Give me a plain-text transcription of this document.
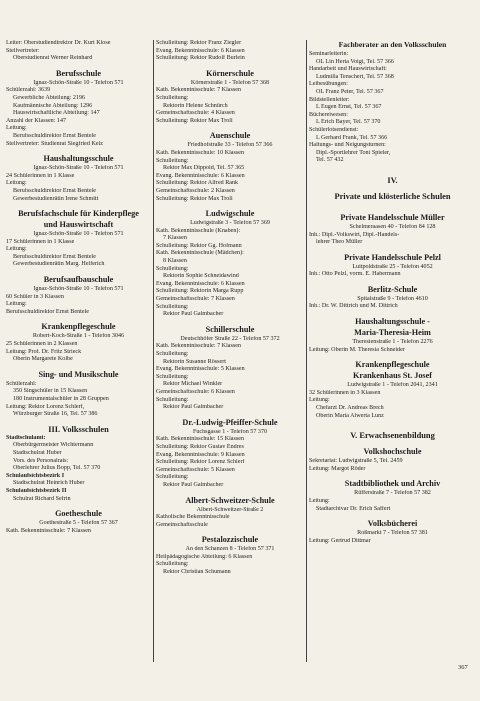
Leiter: Oberstudiendirektor Dr. Kurt Klose
Stellvertreter:
Oberstudienrat Werner Reinhard
Berufsschule
Ignaz-Schön-Straße 10 - Telefon 571
Schülerzahl: 3639
Gewerbliche Abteilung: 2196
Kaufmännische Abteilung: 1296
Hauswirtschaftliche Abteilung: 147
Anzahl der Klassen: 147
Leitung:
Berufsschuldirektor Ernst Bentele
Stellvertreter: Studienrat Siegfried Kelz
Haushaltungsschule
Ignaz-Schön-Straße 10 - Telefon 571
24 Schülerinnen in 1 Klasse
Leitung:
Berufsschuldirektor Ernst Bentele
Gewerbestudienrätin Irene Schmitt
Berufsfachschule für Kinderpflege
und Hauswirtschaft
Ignaz-Schön-Straße 10 - Telefon 571
17 Schülerinnen in 1 Klasse
Leitung:
Berufsschuldirektor Ernst Bentele
Gewerbestudienrätin Marg. Helferich
Berufsaufbauschule
Ignaz-Schön-Straße 10 - Telefon 571
60 Schüler in 3 Klassen
Leitung:
Berufsschuldirektor Ernst Bentele
Krankenpflegeschule
Robert-Koch-Straße 1 - Telefon 3046
25 Schülerinnen in 2 Klassen
Leitung: Prof. Dr. Fritz Strieck
Oberin Margarete Kolbe
Sing- und Musikschule
Schülerzahl:
350 Singschüler in 15 Klassen
180 Instrumentalschüler in 28 Gruppen
Leitung: Rektor Lorenz Schlerf,
Würzburger Straße 16, Tel. 57 386
III. Volksschulen
Stadtschulamt:
Oberbürgermeister Wichtermann
Stadtschulrat Huber
Vors. des Personalrats:
Oberlehrer Julius Bopp, Tel. 57 370
Schulaufsichtsbezirk I
Stadtschulrat Heinrich Huber
Schulaufsichtsbezirk II
Schulrat Richard Sefrin
Goetheschule
Goethestraße 5 - Telefon 57 367
Kath. Bekenntnisschule: 7 Klassen
Schulleitung: Rektor Franz Ziegler
Evang. Bekenntnisschule: 6 Klassen
Schulleitung: Rektor Rudolf Burlein
Körnerschule
Körnerstraße 1 - Telefon 57 368
Kath. Bekenntnisschule: 7 Klassen
Schulleitung:
Rektorin Helene Schnürch
Gemeinschaftsschule: 4 Klassen
Schulleitung: Rektor Max Troll
Auenschule
Friedhofstraße 33 - Telefon 57 366
Kath. Bekenntnisschule: 10 Klassen
Schulleitung:
Rektor Max Dippold, Tel. 57 365
Evang. Bekenntnisschule: 6 Klassen
Schulleitung: Rektor Alfred Rank
Gemeinschaftsschule: 2 Klassen
Schulleitung: Rektor Max Troll
Ludwigschule
Ludwigstraße 3 - Telefon 57 369
Kath. Bekenntnisschule (Knaben):
7 Klassen
Schulleitung: Rektor Gg. Hofmann
Kath. Bekenntnisschule (Mädchen):
8 Klassen
Schulleitung:
Rektorin Sophie Schneidawind
Evang. Bekenntnisschule: 6 Klassen
Schulleitung: Rektorin Marga Rupp
Gemeinschaftsschule: 7 Klassen
Schulleitung:
Rektor Paul Galmbacher
Schillerschule
Deutschhöfer Straße 22 - Telefon 57 372
Kath. Bekenntnisschule: 7 Klassen
Schulleitung:
Rektorin Susanne Rössert
Evang. Bekenntnisschule: 5 Klassen
Schulleitung:
Rektor Michael Winkler
Gemeinschaftsschule: 6 Klassen
Schulleitung:
Rektor Paul Galmbacher
Dr.-Ludwig-Pfeiffer-Schule
Fuchsgasse 1 - Telefon 57 370
Kath. Bekenntnisschule: 15 Klassen
Schulleitung: Rektor Gustav Endres
Evang. Bekenntnisschule: 9 Klassen
Schulleitung: Rektor Lorenz Schlerf
Gemeinschaftsschule: 5 Klassen
Schulleitung:
Rektor Paul Galmbacher
Albert-Schweitzer-Schule
Albert-Schweitzer-Straße 2
Katholische Bekenntnisschule
Gemeinschaftsschule
Pestalozzischule
An den Schanzen 8 - Telefon 57 371
Heilpädagogische Abteilung: 6 Klassen
Schulleitung:
Rektor Christian Schumann
Fachberater an den Volksschulen
Seminarleiterin:
OL Lin Herta Voigt, Tel. 57 366
Handarbeit und Hauswirtschaft:
Ludmilla Tenschert, Tel. 57 368
Leibesübungen:
OL Franz Peter, Tel. 57 367
Bildstellenleiter:
L Eugen Ernst, Tel. 57 367
Büchereiwesen:
L Erich Bayer, Tel. 57 370
Schülerlotsendienst:
L Gerhard Frank, Tel. 57 366
Haltungs- und Neigungsturnen:
Dipl.-Sportlehrer Toni Spieler,
Tel. 57 432
IV.
Private und klösterliche Schulen
Private Handelsschule Müller
Schelmeraasen 40 - Telefon 84 128
Inh.: Dipl.-Volkswirt, Dipl.-Handels-
lehrer Theo Müller
Private Handelsschule Pelzl
Luitpoldstraße 25 - Telefon 4052
Inh.: Otto Pelzl, vorm. E. Habermann
Berlitz-Schule
Spitalstraße 9 - Telefon 4610
Inh.: Dr. W. Dittrich und M. Dittrich
Haushaltungsschule -
Maria-Theresia-Heim
Theresienstraße 1 - Telefon 2276
Leitung: Oberin M. Theresia Schneider
Krankenpflegeschule
Krankenhaus St. Josef
Ludwigstraße 1 - Telefon 2041, 2341
32 Schülerinnen in 3 Klassen
Leitung:
Chefarzt Dr. Andreas Brech
Oberin Maria Alwerta Lunz
V. Erwachsenenbildung
Volkshochschule
Sekretariat: Ludwigstraße 5, Tel. 2459
Leitung: Margot Röder
Stadtbibliothek und Archiv
Rüfferstraße 7 - Telefon 57 382
Leitung:
Stadtarchivar Dr. Erich Saffert
Volksbücherei
Roßmarkt 7 - Telefon 57 381
Leitung: Gertrud Dittmar
367
